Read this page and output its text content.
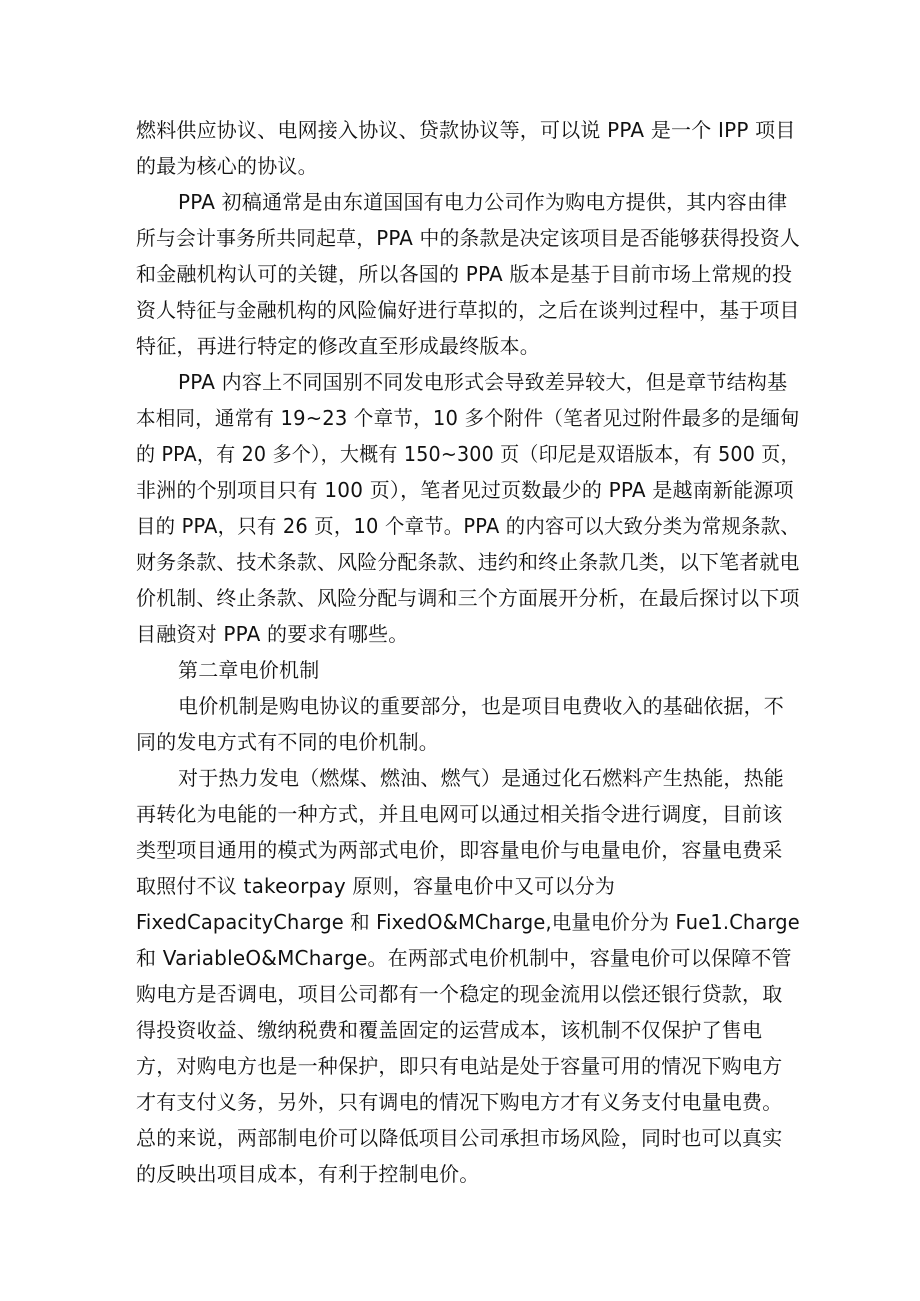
燃料供应协议、电网接入协议、贷款协议等，可以说 PPA 是一个 IPP 项目
的最为核心的协议。
PPA 初稿通常是由东道国国有电力公司作为购电方提供，其内容由律
所与会计事务所共同起草，PPA 中的条款是决定该项目是否能够获得投资人
和金融机构认可的关键，所以各国的 PPA 版本是基于目前市场上常规的投
资人特征与金融机构的风险偏好进行草拟的，之后在谈判过程中，基于项目
特征，再进行特定的修改直至形成最终版本。
PPA 内容上不同国别不同发电形式会导致差异较大，但是章节结构基
本相同，通常有 19~23 个章节，10 多个附件（笔者见过附件最多的是缅甸
的 PPA，有 20 多个），大概有 150~300 页（印尼是双语版本，有 500 页，
非洲的个别项目只有 100 页），笔者见过页数最少的 PPA 是越南新能源项
目的 PPA，只有 26 页，10 个章节。PPA 的内容可以大致分类为常规条款、
财务条款、技术条款、风险分配条款、违约和终止条款几类，以下笔者就电
价机制、终止条款、风险分配与调和三个方面展开分析，在最后探讨以下项
目融资对 PPA 的要求有哪些。
第二章电价机制
电价机制是购电协议的重要部分，也是项目电费收入的基础依据，不
同的发电方式有不同的电价机制。
对于热力发电（燃煤、燃油、燃气）是通过化石燃料产生热能，热能
再转化为电能的一种方式，并且电网可以通过相关指令进行调度，目前该
类型项目通用的模式为两部式电价，即容量电价与电量电价，容量电费采
取照付不议 takeorpay 原则，容量电价中又可以分为
FixedCapacityCharge 和 FixedO&MCharge,电量电价分为 Fue1.Charge
和 VariableO&MCharge。在两部式电价机制中，容量电价可以保障不管
购电方是否调电，项目公司都有一个稳定的现金流用以偿还银行贷款，取
得投资收益、缴纳税费和覆盖固定的运营成本，该机制不仅保护了售电
方，对购电方也是一种保护，即只有电站是处于容量可用的情况下购电方
才有支付义务，另外，只有调电的情况下购电方才有义务支付电量电费。
总的来说，两部制电价可以降低项目公司承担市场风险，同时也可以真实
的反映出项目成本，有利于控制电价。
